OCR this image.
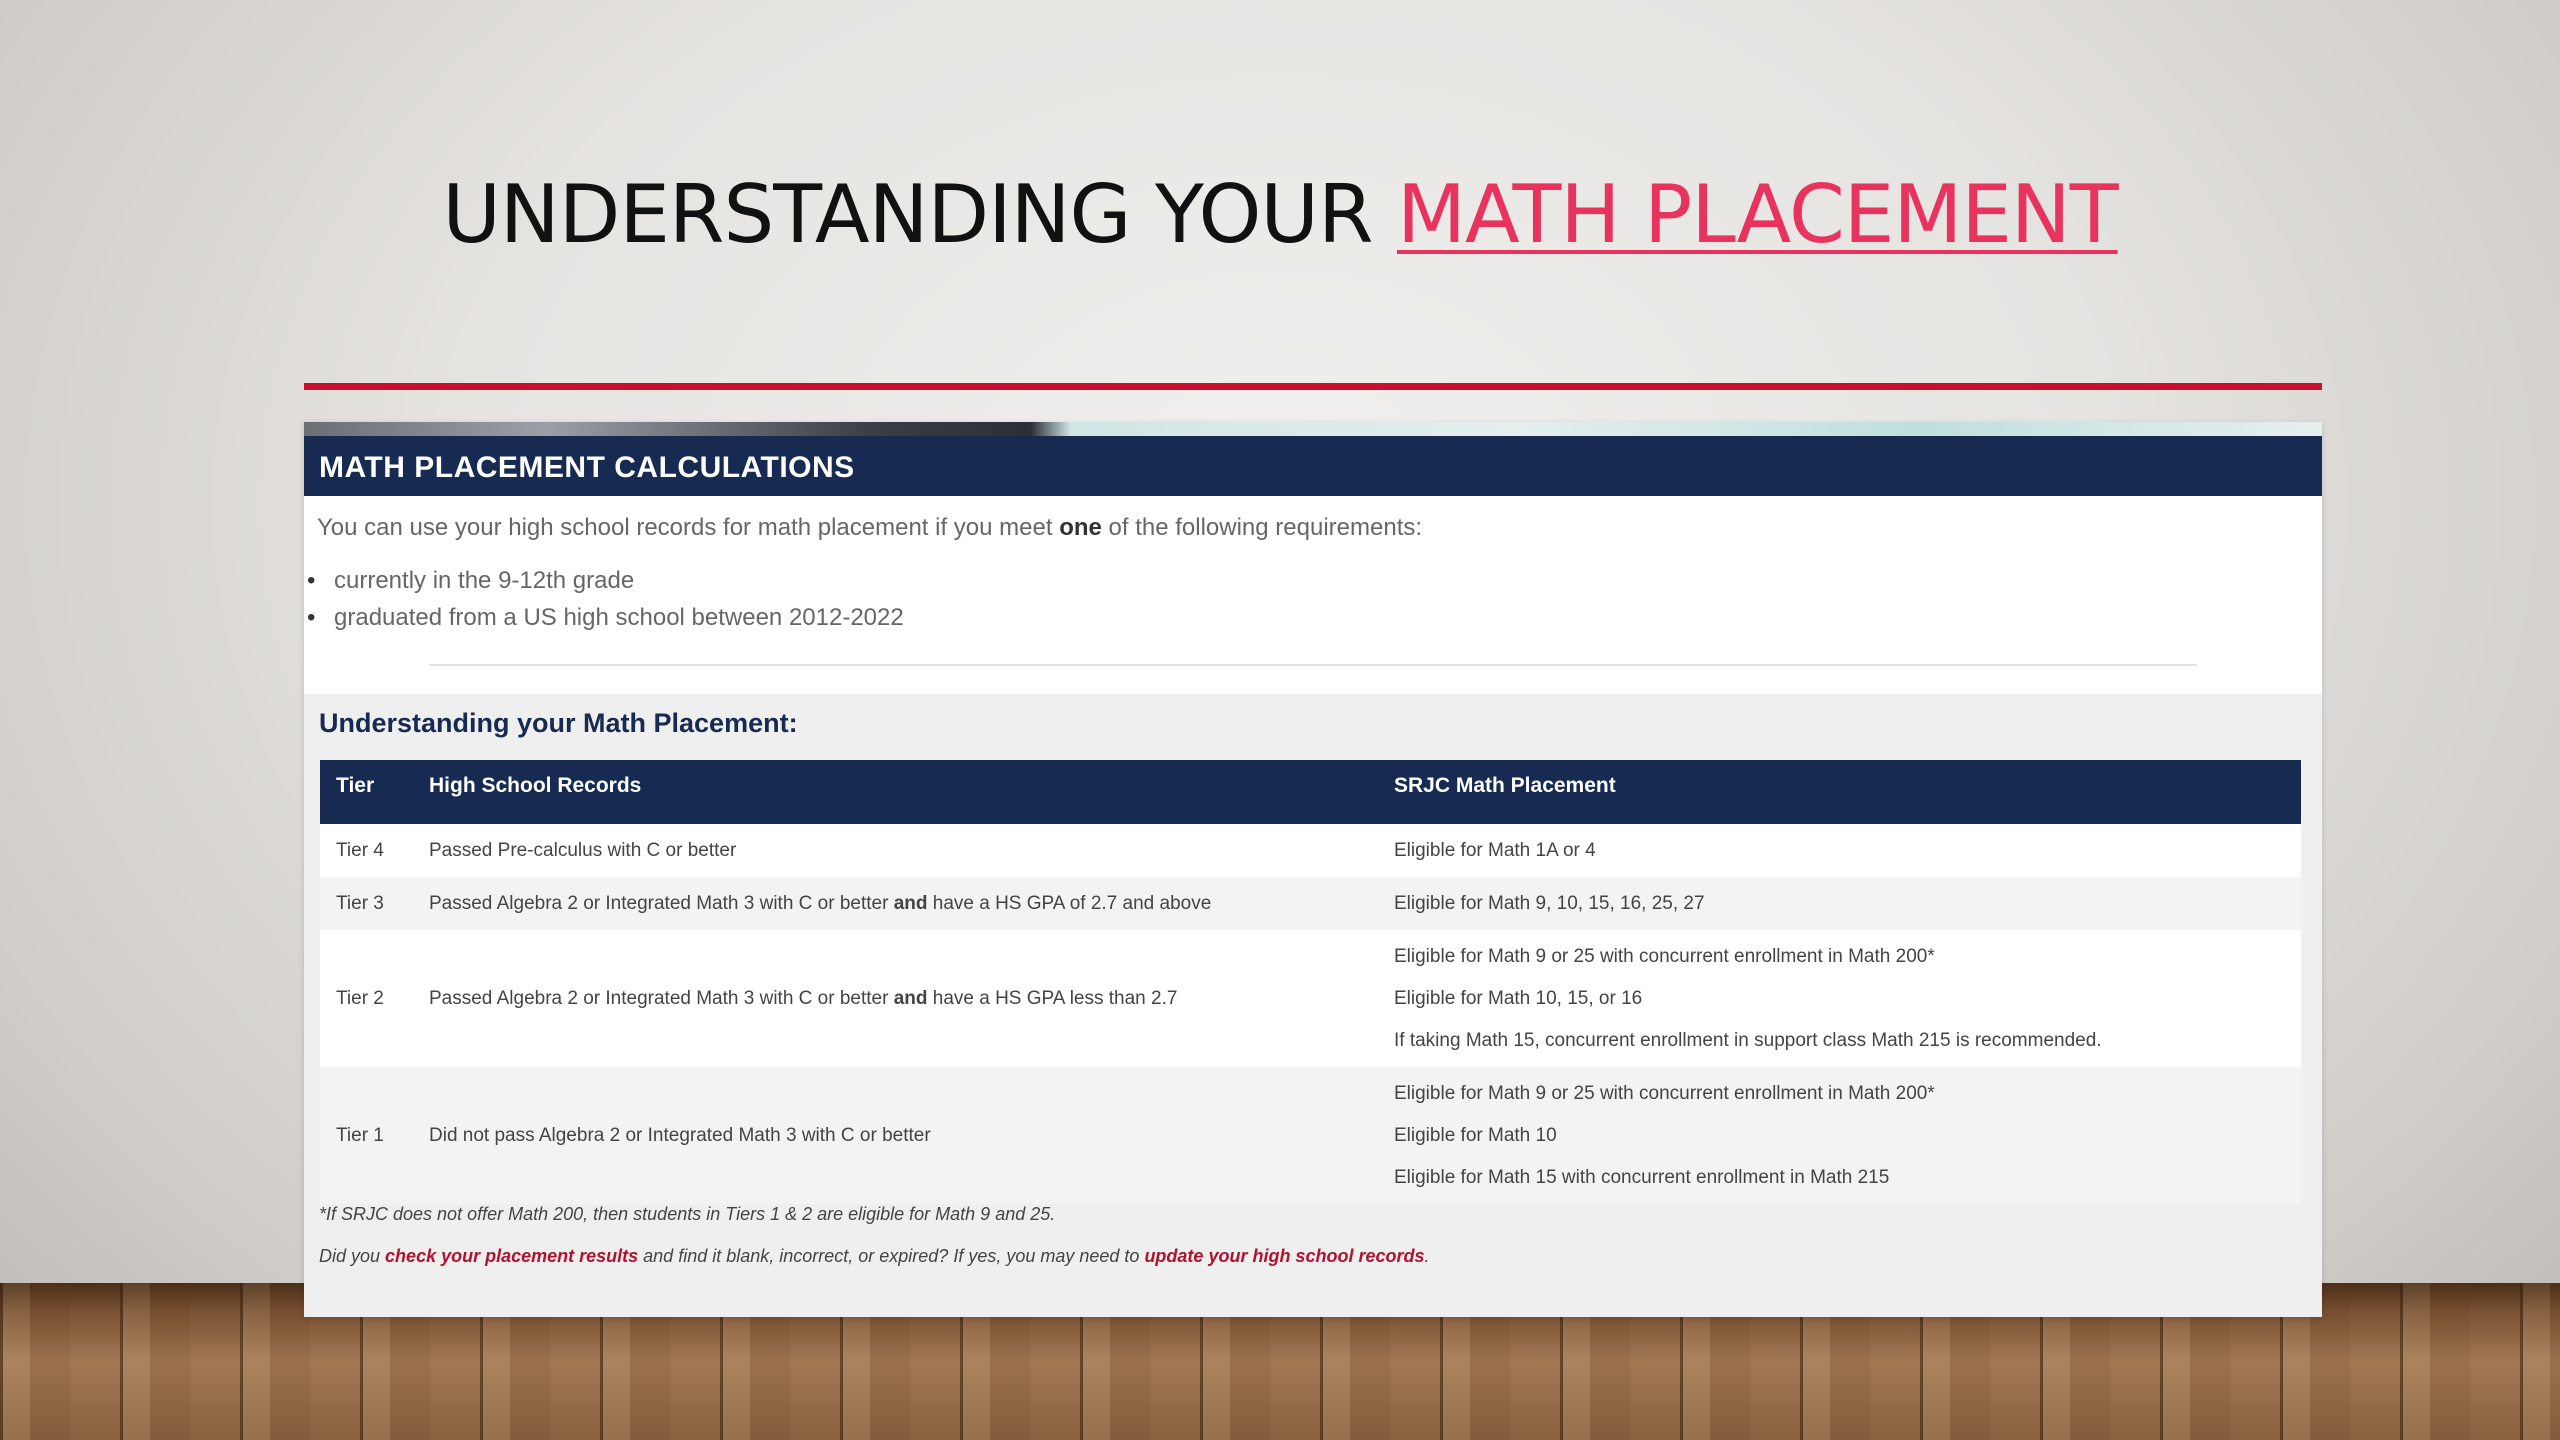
UNDERSTANDING YOUR MATH PLACEMENT
MATH PLACEMENT CALCULATIONS
You can use your high school records for math placement if you meet one of the following requirements:
• currently in the 9-12th grade
• graduated from a US high school between 2012-2022
Understanding your Math Placement:
Tier	High School Records	SRJC Math Placement
Tier 4	Passed Pre-calculus with C or better	Eligible for Math 1A or 4

Tier 3	Passed Algebra 2 or Integrated Math 3 with C or better and have a HS GPA of 2.7 and above	Eligible for Math 9, 10, 15, 16, 25, 27

Tier 2	Passed Algebra 2 or Integrated Math 3 with C or better and have a HS GPA less than 2.7	Eligible for Math 9 or 25 with concurrent enrollment in Math 200*
Eligible for Math 10, 15, or 16
If taking Math 15, concurrent enrollment in support class Math 215 is recommended.

Tier 1	Did not pass Algebra 2 or Integrated Math 3 with C or better	Eligible for Math 9 or 25 with concurrent enrollment in Math 200*
Eligible for Math 10
Eligible for Math 15 with concurrent enrollment in Math 215
*If SRJC does not offer Math 200, then students in Tiers 1 & 2 are eligible for Math 9 and 25.
Did you check your placement results and find it blank, incorrect, or expired? If yes, you may need to update your high school records.
